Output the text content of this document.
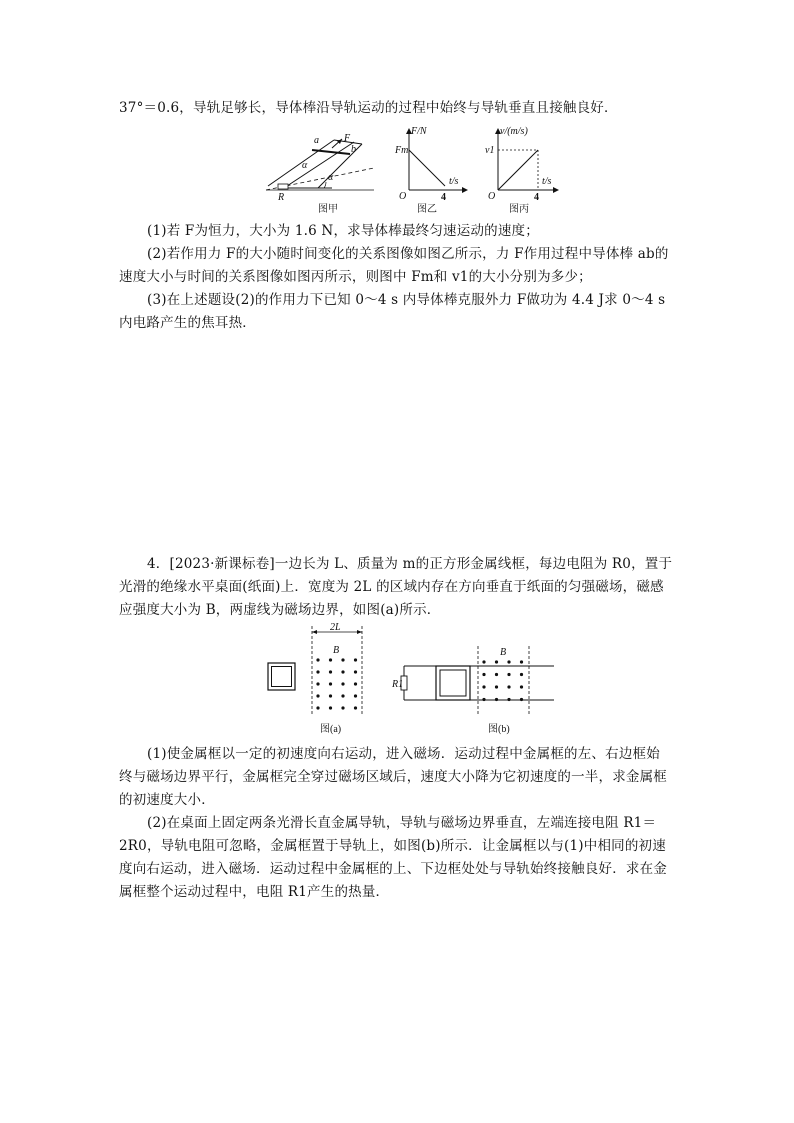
37°＝0.6，导轨足够长，导体棒沿导轨运动的过程中始终与导轨垂直且接触良好．
a
b
F
R
α
α
图甲
F/N
Fm
t/s
4
O
图乙
v/(m/s)
v1
t/s
4
O
图丙
(1)若 F为恒力，大小为 1.6 N，求导体棒最终匀速运动的速度；
(2)若作用力 F的大小随时间变化的关系图像如图乙所示，力 F作用过程中导体棒 ab的
速度大小与时间的关系图像如图丙所示，则图中 Fm和 v1的大小分别为多少；
(3)在上述题设(2)的作用力下已知 0～4 s 内导体棒克服外力 F做功为 4.4 J求 0～4 s
内电路产生的焦耳热．
4．[2023·新课标卷]一边长为 L、质量为 m的正方形金属线框，每边电阻为 R0，置于
光滑的绝缘水平桌面(纸面)上．宽度为 2L 的区域内存在方向垂直于纸面的匀强磁场，磁感
应强度大小为 B，两虚线为磁场边界，如图(a)所示．
2L
B
图(a)
R1
B
图(b)
(1)使金属框以一定的初速度向右运动，进入磁场．运动过程中金属框的左、右边框始
终与磁场边界平行，金属框完全穿过磁场区域后，速度大小降为它初速度的一半，求金属框
的初速度大小．
(2)在桌面上固定两条光滑长直金属导轨，导轨与磁场边界垂直，左端连接电阻 R1＝
2R0，导轨电阻可忽略，金属框置于导轨上，如图(b)所示．让金属框以与(1)中相同的初速
度向右运动，进入磁场．运动过程中金属框的上、下边框处处与导轨始终接触良好．求在金
属框整个运动过程中，电阻 R1产生的热量．
